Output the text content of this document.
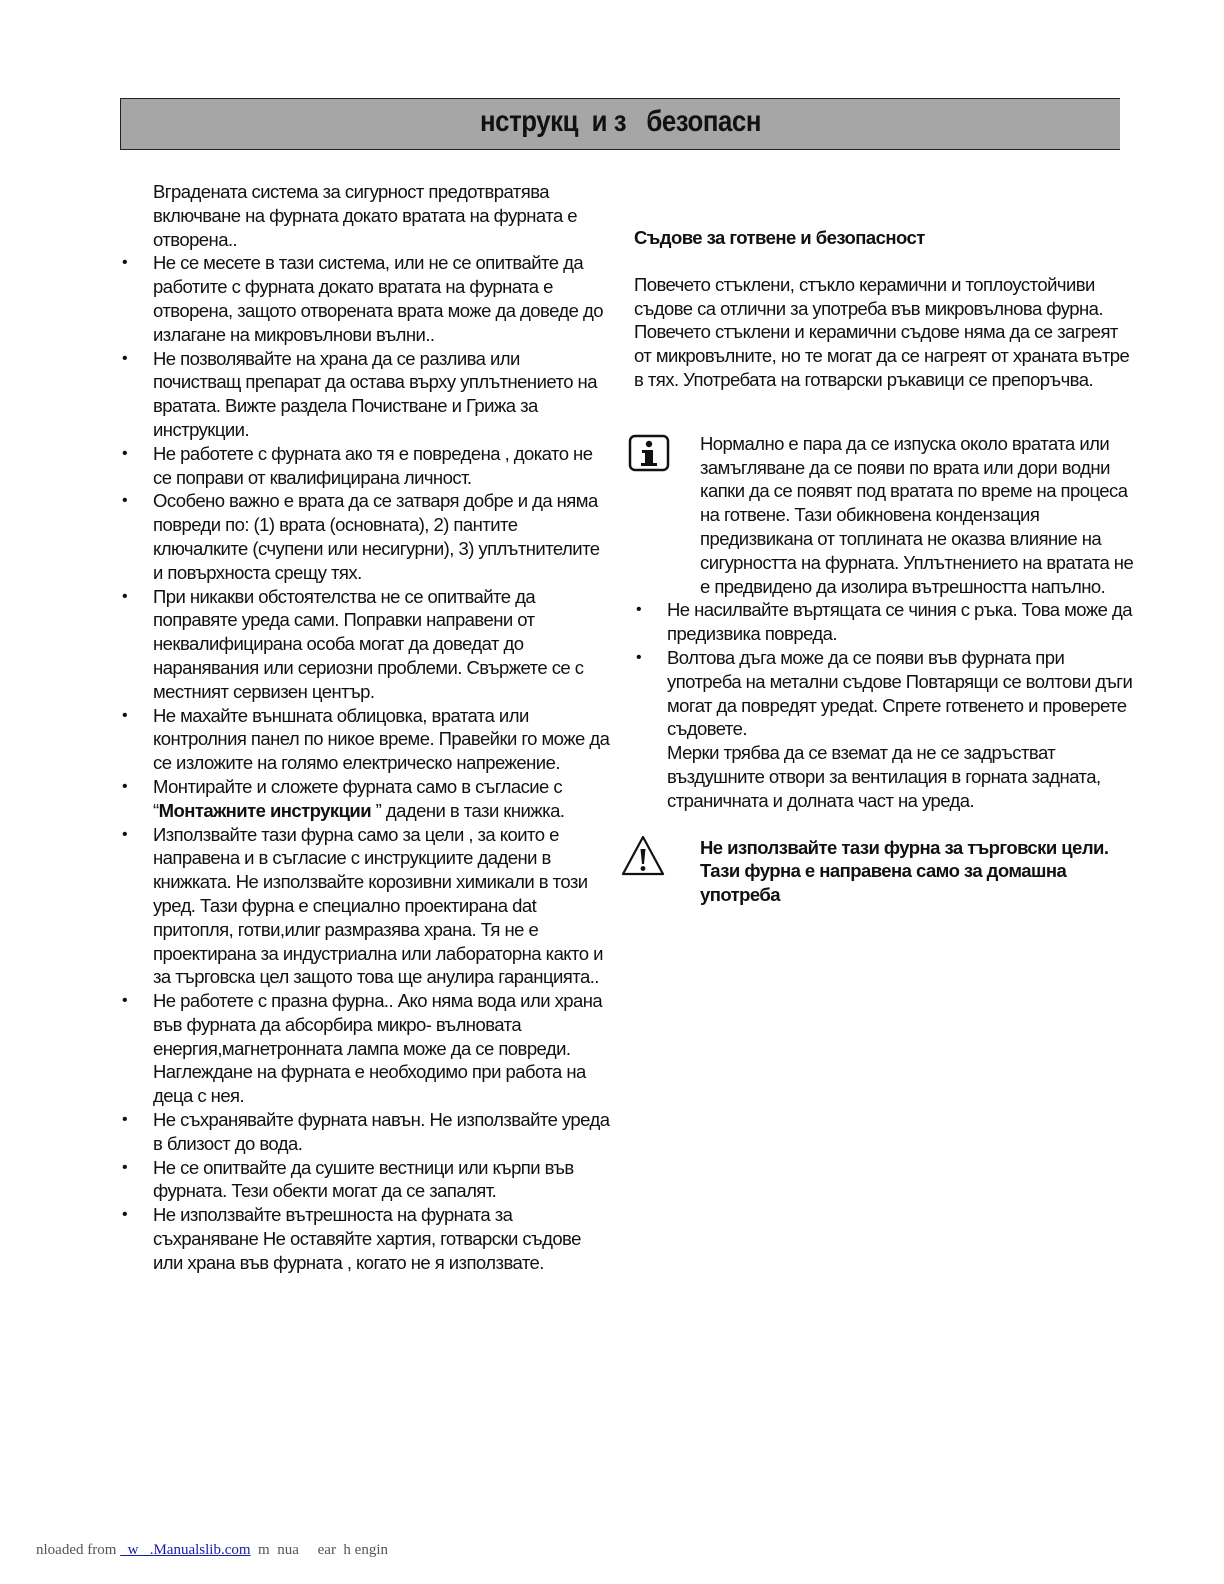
нструкц  и з   безопасн
Вградената система за сигурност предотвратява включване на фурната докато вратата на фурната е отворена..
• Не се месете в тази система, или не се опитвайте да работите с фурната докато вратата на фурната е отворена, защото отворената врата може да доведе до излагане на микровълнови вълни..
• Не позволявайте на храна да се разлива или почистващ препарат да остава върху уплътнението на вратата. Вижте раздела Почистване и Грижа за инструкции.
• Не работете с фурната ако тя е повредена , докато не се поправи от квалифицирана личност.
• Особено важно е врата да се затваря добре и да няма повреди по: (1) врата (основната), 2) пантите ключалките (счупени или несигурни), 3) уплътнителите и повърхноста срещу тях.
• При никакви обстоятелства не се опитвайте да поправяте уреда сами. Поправки направени от неквалифицирана особа могат да доведат до наранявания или сериозни проблеми. Свържете се с местният сервизен център.
• Не махайте външната облицовка, вратата или контролния панел по никое време. Правейки го може да се изложите на голямо електрическо напрежение.
• Монтирайте и сложете фурната само в съгласие с “Монтажните инструкции ” дадени в тази книжка.
• Използвайте тази фурна само за цели , за които е направена и в съгласие с инструкциите дадени в книжката. Не използвайте корозивни химикали в този уред. Тази фурна е специално проектирана dat притопля, готви,илиr размразява храна. Тя не е проектирана за индустриална или лабораторна както и за търговска цел защото това ще анулира гаранцията..
• Не работете с празна фурна.. Ако няма вода или храна във фурната да абсорбира микро- вълновата енергия,магнетронната лампа може да се повреди. Наглеждане на фурната е необходимо при работа на деца с нея.
• Не съхранявайте фурната навън. Не използвайте уреда в близост до вода.
• Не се опитвайте да сушите вестници или кърпи във фурната. Тези обекти могат да се запалят.
• Не използвайте вътрешноста на фурната за съхраняване Не оставяйте хартия, готварски съдове или храна във фурната , когато не я използвате.
Съдове за готвене и безопасност
Повечето стъклени, стъкло керамични и топлоустойчиви съдове са отлични за употреба във микровълнова фурна. Повечето стъклени и керамични съдове няма да се загреят от микровълните, но те могат да се нагреят от храната вътре в тях. Употребата на готварски ръкавици се препоръчва.
Нормално е пара да се изпуска около вратата или замъгляване да се появи по врата или дори водни капки да се появят под вратата по време на процеса на готвене. Тази обикновена кондензация предизвикана от топлината не оказва влияние на сигурността на фурната. Уплътнението на вратата не е предвидено да изолира вътрешността напълно.
• Не насилвайте въртящата се чиния с ръка. Това може да предизвика повреда.
• Волтова дъга може да се появи във фурната при употреба на метални съдове Повтарящи се волтови дъги могат да повредят уредat. Спрете готвенето и проверете съдовете.
Мерки трябва да се вземат да не се задръстват въздушните отвори за вентилация в горната задната, страничната и долната част на уреда.
Не използвайте тази фурна за търговски цели. Тази фурна е направена само за домашна употреба
nloaded from   w   .Manualslib.com  m  nua     ear  h engin
